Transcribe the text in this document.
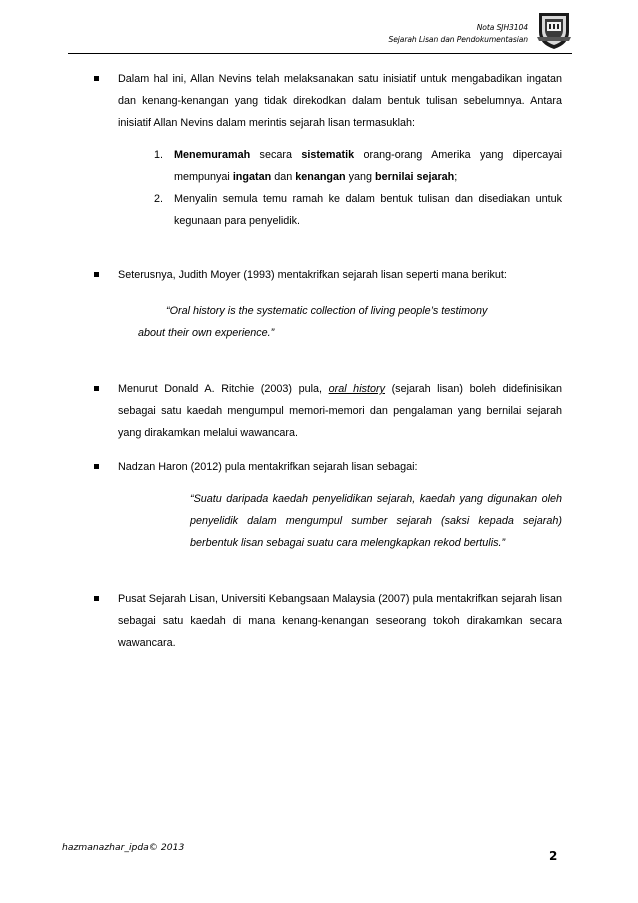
Nota SJH3104
Sejarah Lisan dan Pendokumentasian
Dalam hal ini, Allan Nevins telah melaksanakan satu inisiatif untuk mengabadikan ingatan dan kenang-kenangan yang tidak direkodkan dalam bentuk tulisan sebelumnya. Antara inisiatif Allan Nevins dalam merintis sejarah lisan termasuklah:
1. Menemuramah secara sistematik orang-orang Amerika yang dipercayai mempunyai ingatan dan kenangan yang bernilai sejarah;
2. Menyalin semula temu ramah ke dalam bentuk tulisan dan disediakan untuk kegunaan para penyelidik.
Seterusnya, Judith Moyer (1993) mentakrifkan sejarah lisan seperti mana berikut:
“Oral history is the systematic collection of living people’s testimony
about their own experience.”
Menurut Donald A. Ritchie (2003) pula, oral history (sejarah lisan) boleh didefinisikan sebagai satu kaedah mengumpul memori-memori dan pengalaman yang bernilai sejarah yang dirakamkan melalui wawancara.
Nadzan Haron (2012) pula mentakrifkan sejarah lisan sebagai:
“Suatu daripada kaedah penyelidikan sejarah, kaedah yang digunakan oleh penyelidik dalam mengumpul sumber sejarah (saksi kepada sejarah) berbentuk lisan sebagai suatu cara melengkapkan rekod bertulis.”
Pusat Sejarah Lisan, Universiti Kebangsaan Malaysia (2007) pula mentakrifkan sejarah lisan sebagai satu kaedah di mana kenang-kenangan seseorang tokoh dirakamkan secara wawancara.
hazmanazhar_ipda© 2013
2
